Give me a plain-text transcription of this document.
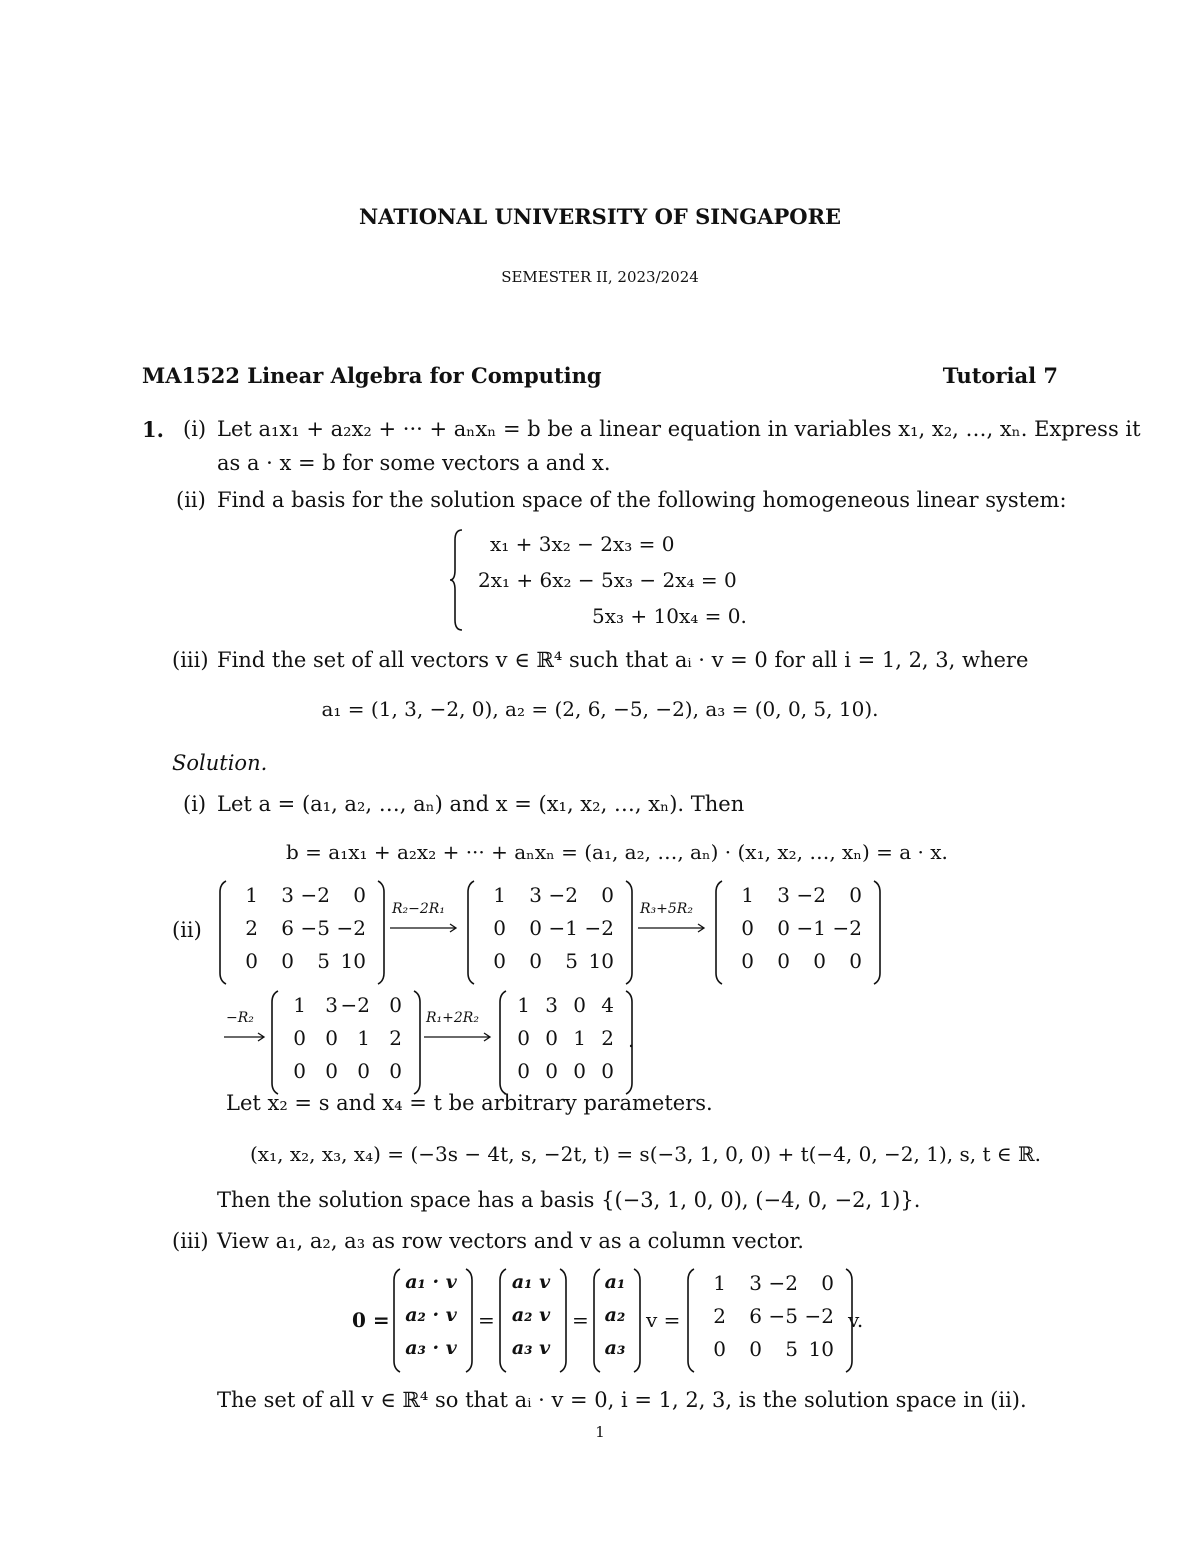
NATIONAL UNIVERSITY OF SINGAPORE
SEMESTER II, 2023/2024
MA1522 Linear Algebra for Computing	Tutorial 7
1. (i) Let a₁x₁ + a₂x₂ + ··· + aₙxₙ = b be a linear equation in variables x₁, x₂, …, xₙ. Express it
as a · x = b for some vectors a and x.
(ii) Find a basis for the solution space of the following homogeneous linear system:
x₁ + 3x₂ − 2x₃ = 0
2x₁ + 6x₂ − 5x₃ − 2x₄ = 0
5x₃ + 10x₄ = 0.
(iii) Find the set of all vectors v ∈ ℝ⁴ such that aᵢ · v = 0 for all i = 1, 2, 3, where
a₁ = (1, 3, −2, 0), a₂ = (2, 6, −5, −2), a₃ = (0, 0, 5, 10).
Solution.
(i) Let a = (a₁, a₂, …, aₙ) and x = (x₁, x₂, …, xₙ). Then
b = a₁x₁ + a₂x₂ + ··· + aₙxₙ = (a₁, a₂, …, aₙ) · (x₁, x₂, …, xₙ) = a · x.
(ii)
Let x₂ = s and x₄ = t be arbitrary parameters.
(x₁, x₂, x₃, x₄) = (−3s − 4t, s, −2t, t) = s(−3, 1, 0, 0) + t(−4, 0, −2, 1), s, t ∈ ℝ.
Then the solution space has a basis {(−3, 1, 0, 0), (−4, 0, −2, 1)}.
(iii) View a₁, a₂, a₃ as row vectors and v as a column vector.
The set of all v ∈ ℝ⁴ so that aᵢ · v = 0, i = 1, 2, 3, is the solution space in (ii).
1
1	3 −2	0
2	6 −5 −2
0	0	5 10
R₂−2R₁
1	3 −2	0
0	0 −1 −2
0	0	5 10
R₃+5R₂
1	3 −2	0
0	0 −1 −2
0	0	0	0
−R₂
1 3 −2 0
0 0 1 2
0 0 0 0
R₁+2R₂
1 3 0 4
0 0 1 2
0 0 0 0
.
0 =
a₁ · v
a₂ · v
a₃ · v
=
a₁ v
a₂ v
a₃ v
=
a₁
a₂
a₃
v =
1	3 −2	0
2	6 −5 −2
0	0	5 10
v.
